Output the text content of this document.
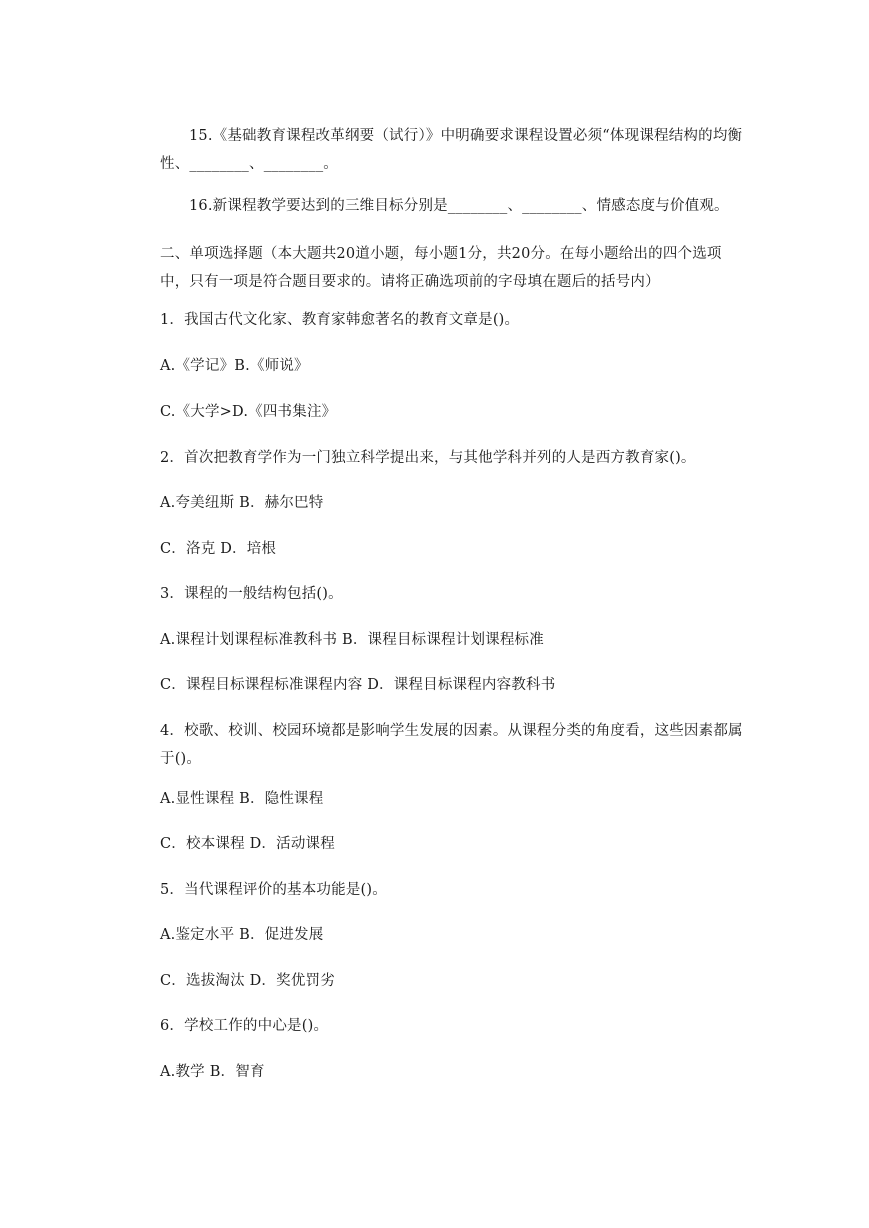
15.《基础教育课程改革纲要（试行）》中明确要求课程设置必须“体现课程结构的均衡性、________、________。

16.新课程教学要达到的三维目标分别是________、________、情感态度与价值观。

二、单项选择题（本大题共20道小题，每小题1分，共20分。在每小题给出的四个选项中，只有一项是符合题目要求的。请将正确选项前的字母填在题后的括号内）

1．我国古代文化家、教育家韩愈著名的教育文章是()。

A.《学记》B.《师说》

C.《大学>D.《四书集注》

2．首次把教育学作为一门独立科学提出来，与其他学科并列的人是西方教育家()。

A.夸美纽斯 B．赫尔巴特

C．洛克 D．培根

3．课程的一般结构包括()。

A.课程计划课程标准教科书 B．课程目标课程计划课程标准

C．课程目标课程标准课程内容 D．课程目标课程内容教科书

4．校歌、校训、校园环境都是影响学生发展的因素。从课程分类的角度看，这些因素都属于()。

A.显性课程 B．隐性课程

C．校本课程 D．活动课程

5．当代课程评价的基本功能是()。

A.鉴定水平 B．促进发展

C．选拔淘汰 D．奖优罚劣

6．学校工作的中心是()。

A.教学 B．智育
